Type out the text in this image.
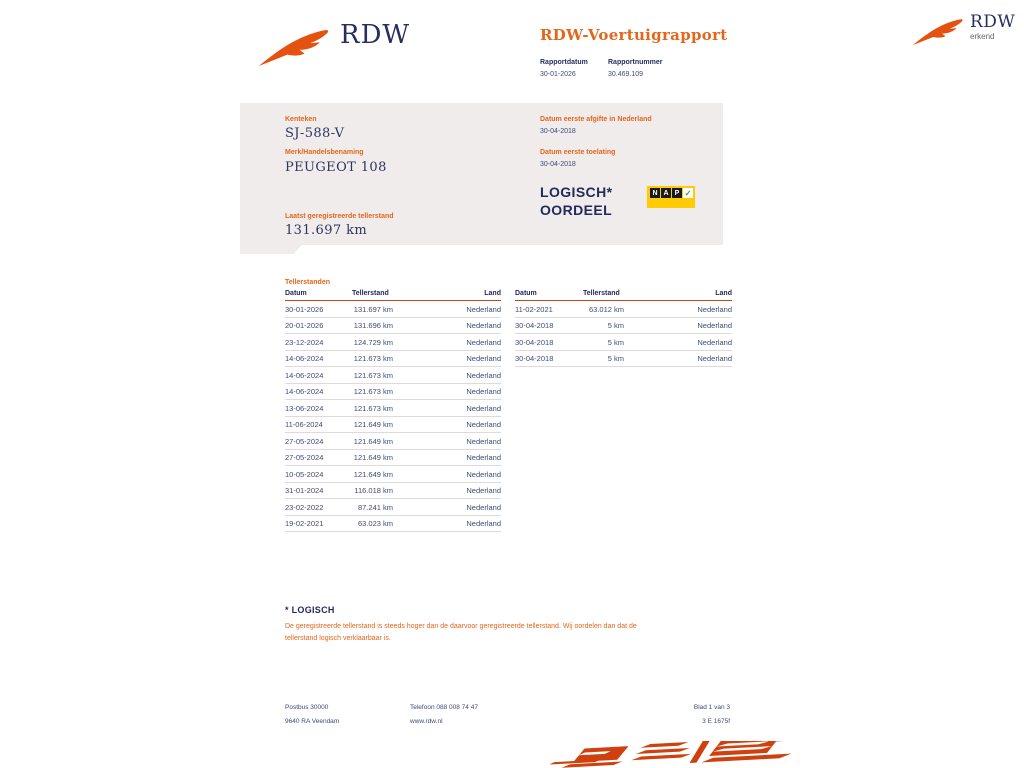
RDW	RDW-Voertuigrapport
Rapportdatum
30-01-2026
Rapportnummer
30.469.109
RDW
erkend
Kenteken
SJ-588-V
Merk/Handelsbenaming
PEUGEOT 108
Laatst geregistreerde tellerstand
131.697 km
Datum eerste afgifte in Nederland
30-04-2018
Datum eerste toelating
30-04-2018
LOGISCH*
OORDEEL
N A P ✓
Tellerstanden
Datum	Tellerstand	Land
30-01-2026	131.697 km	Nederland
20-01-2026	131.696 km	Nederland
23-12-2024	124.729 km	Nederland
14-06-2024	121.673 km	Nederland
14-06-2024	121.673 km	Nederland
14-06-2024	121.673 km	Nederland
13-06-2024	121.673 km	Nederland
11-06-2024	121.649 km	Nederland
27-05-2024	121.649 km	Nederland
27-05-2024	121.649 km	Nederland
10-05-2024	121.649 km	Nederland
31-01-2024	116.018 km	Nederland
23-02-2022	87.241 km	Nederland
19-02-2021	63.023 km	Nederland
Datum	Tellerstand	Land
11-02-2021	63.012 km	Nederland
30-04-2018	5 km	Nederland
30-04-2018	5 km	Nederland
30-04-2018	5 km	Nederland
* LOGISCH
De geregistreerde tellerstand is steeds hoger dan de daarvoor geregistreerde tellerstand. Wij oordelen dan dat de
tellerstand logisch verklaarbaar is.
Postbus 30000
9640 RA Veendam
Telefoon 088 008 74 47
www.rdw.nl
Blad 1 van 3
3 E 1675f
